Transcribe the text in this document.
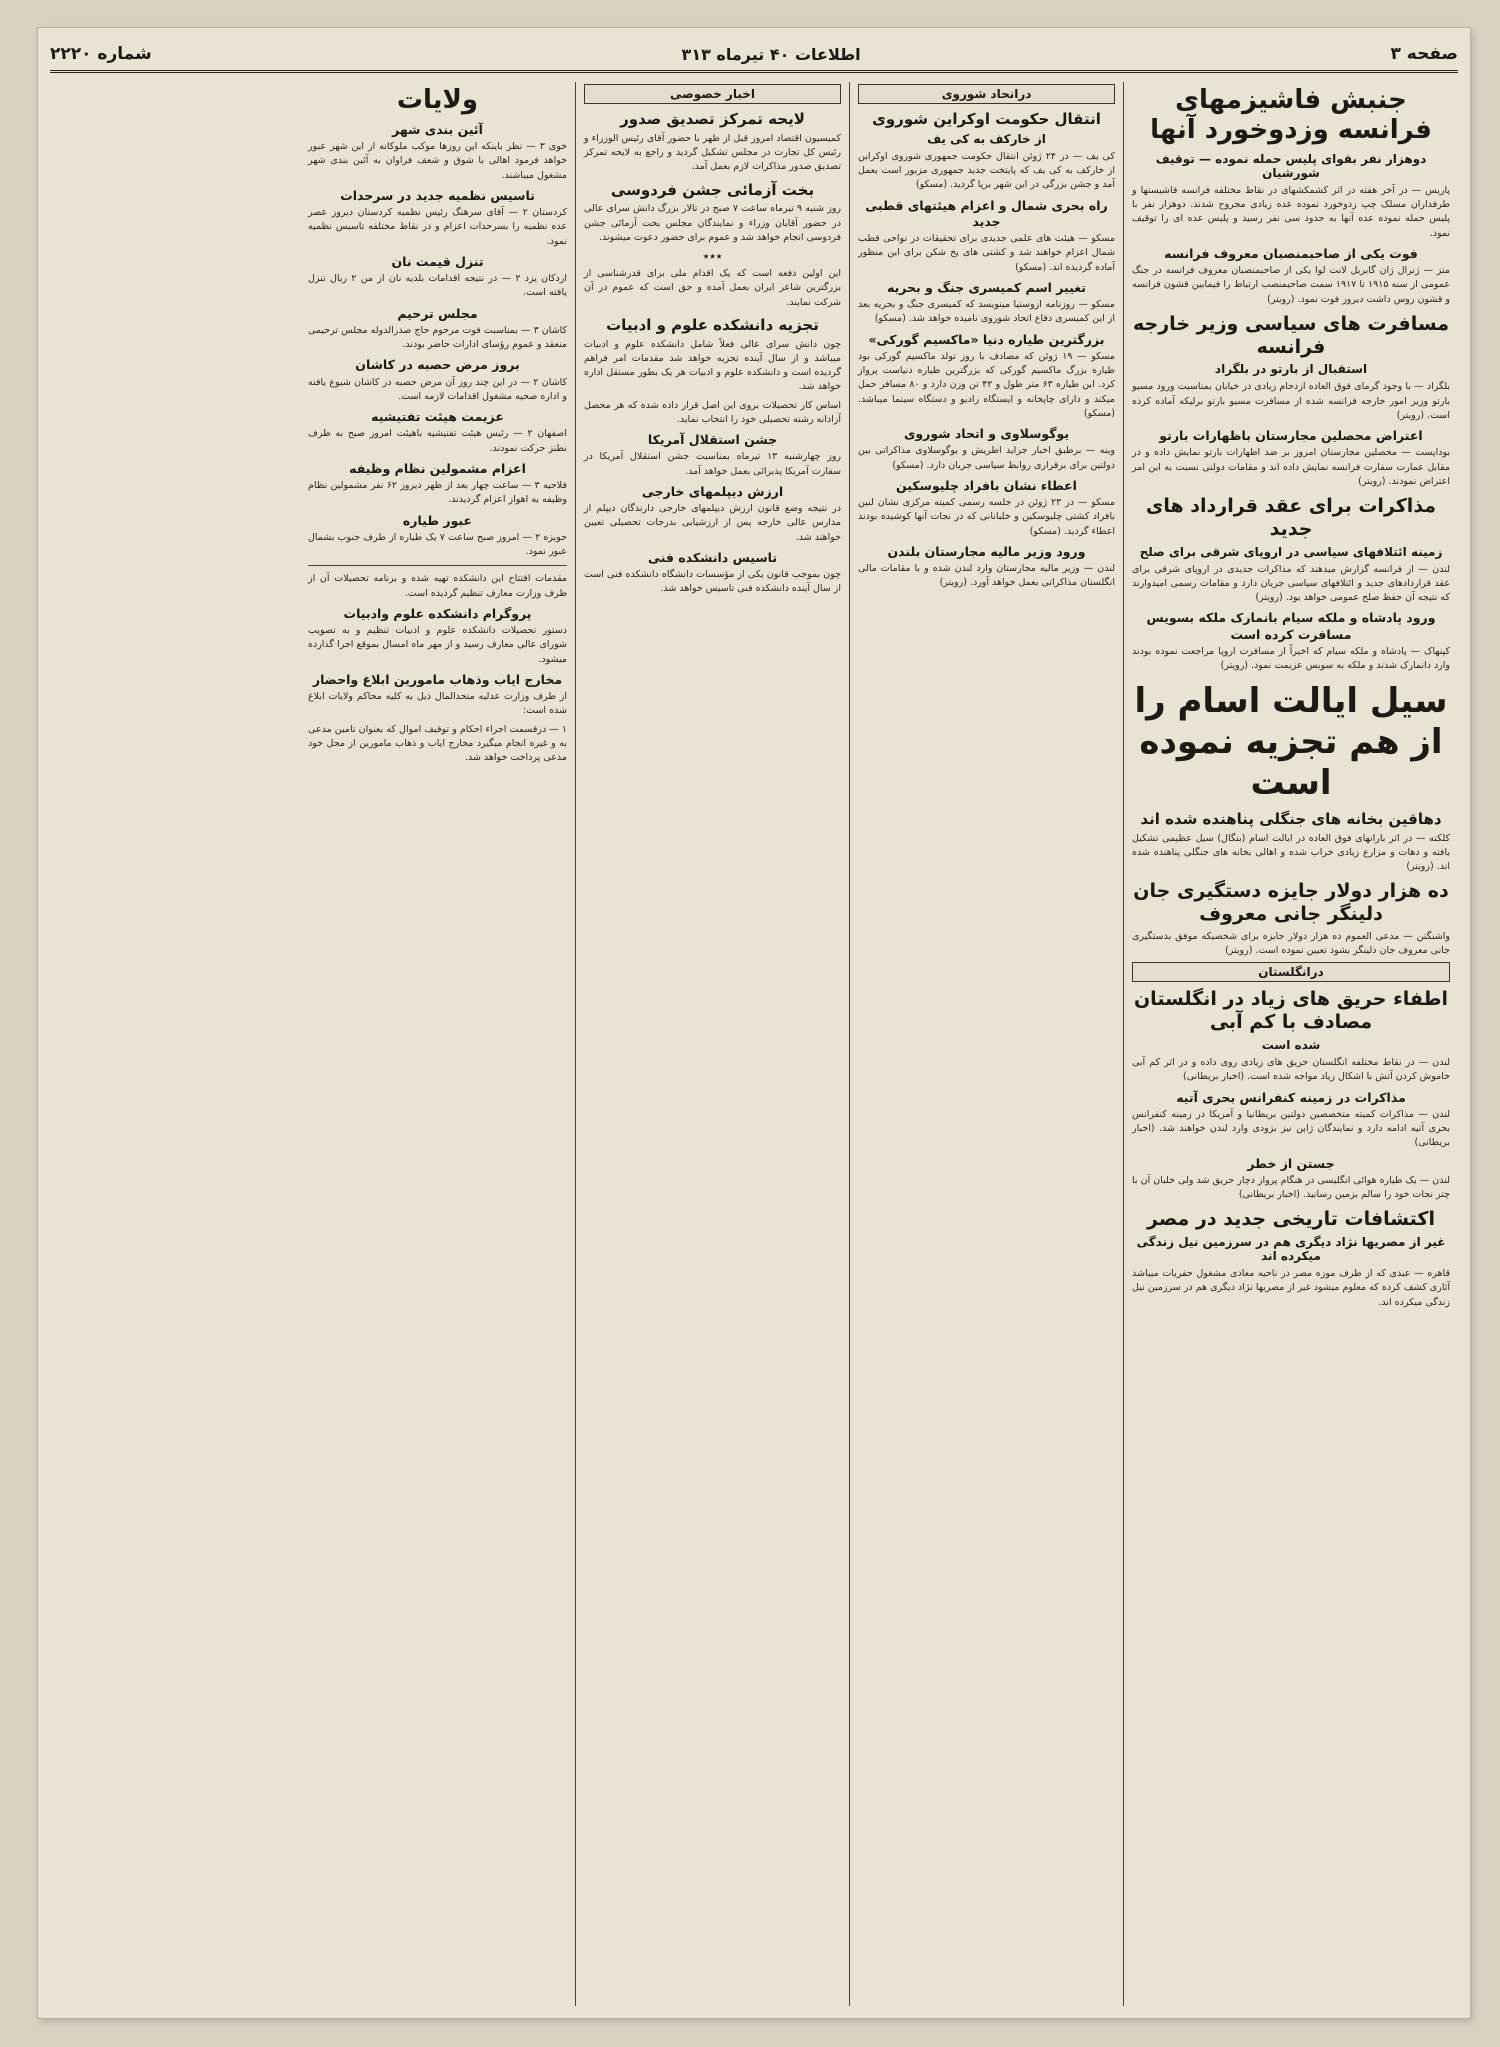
صفحه ۳
اطلاعات ۴۰ تیرماه ۳۱۳
شماره ۲۲۲۰
جنبش فاشیزمهای فرانسه وزدوخورد آنها
دوهزار نفر بقوای پلیس حمله نموده — توقیف شورشیان

پاریس — در آخر هفته در اثر کشمکشهای در نقاط مختلفه فرانسه فاشیستها و طرفداران مسلک چپ زدوخورد نموده عده زیادی مجروح شدند. دوهزار نفر با پلیس حمله نموده عده آنها به حدود سی نفر رسید و پلیس عده ای را توقیف نمود.

فوت یکی از صاحبمنصبان معروف فرانسه

متز — ژنرال ژان گابریل لانت لوا یکی از صاحبمنصبان معروف فرانسه در جنگ عمومی از سنه ۱۹۱۵ تا ۱۹۱۷ سمت صاحبمنصب ارتباط را فیمابین قشون فرانسه و قشون روس داشت دیروز فوت نمود. (رویتر)

مسافرت های سیاسی وزیر خارجه فرانسه
استقبال از بارتو در بلگراد

بلگراد — با وجود گرمای فوق العاده ازدحام زیادی در خیابان بمناسبت ورود مسیو بارتو وزیر امور خارجه فرانسه شده از مسافرت مسیو بارتو برلیکه آماده کرده است. (رویتر)

اعتراض محصلین مجارستان باظهارات بارتو

بوداپست — محصلین مجارستان امروز بر ضد اظهارات بارتو نمایش داده و در مقابل عمارت سفارت فرانسه نمایش داده اند و مقامات دولتی نسبت به این امر اعتراض نمودند. (رویتر)

مذاکرات برای عقد قرارداد های جدید
زمینه ائتلافهای سیاسی در اروپای شرقی برای صلح

لندن — از فرانسه گزارش میدهند که مذاکرات جدیدی در اروپای شرقی برای عقد قراردادهای جدید و ائتلافهای سیاسی جریان دارد و مقامات رسمی امیدوارند که نتیجه آن حفظ صلح عمومی خواهد بود. (رویتر)

ورود پادشاه و ملکه سیام بانمارک ملکه بسویس مسافرت کرده است

کپنهاک — پادشاه و ملکه سیام که اخیراً از مسافرت اروپا مراجعت نموده بودند وارد دانمارک شدند و ملکه به سویس عزیمت نمود. (رویتر)

سیل ایالت اسام را از هم تجزیه نموده است
دهاقین بخانه های جنگلی پناهنده شده اند

کلکته — در اثر بارانهای فوق العاده در ایالت اسام (بنگال) سیل عظیمی تشکیل یافته و دهات و مزارع زیادی خراب شده و اهالی بخانه های جنگلی پناهنده شده اند. (رویتر)

ده هزار دولار جایزه دستگیری جان دلینگر جانی معروف

واشنگتن — مدعی العموم ده هزار دولار جایزه برای شخصیکه موفق بدستگیری جانی معروف جان دلینگر بشود تعیین نموده است. (رویتر)

درانگلستان
اطفاء حریق های زیاد در انگلستان مصادف با کم آبی
شده است

لندن — در نقاط مختلفه انگلستان حریق های زیادی روی داده و در اثر کم آبی خاموش کردن آتش با اشکال زیاد مواجه شده است. (اخبار بریطانی)

مذاکرات در زمینه کنفرانس بحری آتیه

لندن — مذاکرات کمیته متخصصین دولتین بریطانیا و آمریکا در زمینه کنفرانس بحری آتیه ادامه دارد و نمایندگان ژاپن نیز بزودی وارد لندن خواهند شد. (اخبار بریطانی)

جستن از خطر

لندن — یک طیاره هوائی انگلیسی در هنگام پرواز دچار حریق شد ولی خلبان آن با چتر نجات خود را سالم بزمین رسانید. (اخبار بریطانی)

اکتشافات تاریخی جدید در مصر
غیر از مصریها نژاد دیگری هم در سرزمین نیل زندگی میکرده اند

قاهره — عبدی که از طرف موزه مصر در ناحیه معادی مشغول حفریات میباشد آثاری کشف کرده که معلوم میشود غیر از مصریها نژاد دیگری هم در سرزمین نیل زندگی میکرده اند.

درانحاد شوروی
انتقال حکومت اوکراین شوروی
از خارکف به کی یف

کی یف — در ۲۴ ژوئن انتقال حکومت جمهوری شوروی اوکراین از خارکف به کی یف که پایتخت جدید جمهوری مزبور است بعمل آمد و جشن بزرگی در این شهر برپا گردید. (مسکو)

راه بحری شمال و اعزام هیئتهای قطبی جدید

مسکو — هیئت های علمی جدیدی برای تحقیقات در نواحی قطب شمال اعزام خواهند شد و کشتی های یخ شکن برای این منظور آماده گردیده اند. (مسکو)

تغییر اسم کمیسری جنگ و بحریه

مسکو — روزنامه ازوستیا مینویسد که کمیسری جنگ و بحریه بعد از این کمیسری دفاع اتحاد شوروی نامیده خواهد شد. (مسکو)

بزرگترین طیاره دنیا «ماکسیم گورکی»

مسکو — ۱۹ ژوئن که مصادف با روز تولد ماکسیم گورکی بود طیاره بزرگ ماکسیم گورکی که بزرگترین طیاره دنیاست پرواز کرد. این طیاره ۶۳ متر طول و ۴۲ تن وزن دارد و ۸۰ مسافر حمل میکند و دارای چاپخانه و ایستگاه رادیو و دستگاه سینما میباشد. (مسکو)

یوگوسلاوی و اتحاد شوروی

وینه — برطبق اخبار جراید اطریش و یوگوسلاوی مذاکراتی بین دولتین برای برقراری روابط سیاسی جریان دارد. (مسکو)

اعطاء نشان بافراد چلیوسکین

مسکو — در ۲۳ ژوئن در جلسه رسمی کمیته مرکزی نشان لنین بافراد کشتی چلیوسکین و خلبانانی که در نجات آنها کوشیده بودند اعطاء گردید. (مسکو)

ورود وزیر مالیه مجارستان بلندن

لندن — وزیر مالیه مجارستان وارد لندن شده و با مقامات مالی انگلستان مذاکراتی بعمل خواهد آورد. (رویتر)

اخبار خصوصی
لایحه تمرکز تصدیق صدور

کمیسیون اقتصاد امروز قبل از ظهر با حضور آقای رئیس الوزراء و رئیس کل تجارت در مجلس تشکیل گردید و راجع به لایحه تمرکز تصدیق صدور مذاکرات لازم بعمل آمد.

بخت آزمائی جشن فردوسی

روز شنبه ۹ تیرماه ساعت ۷ صبح در تالار بزرگ دانش سرای عالی در حضور آقایان وزراء و نمایندگان مجلس بخت آزمائی جشن فردوسی انجام خواهد شد و عموم برای حضور دعوت میشوند.

٭٭٭

این اولین دفعه است که یک اقدام ملی برای قدرشناسی از بزرگترین شاعر ایران بعمل آمده و حق است که عموم در آن شرکت نمایند.

تجزیه دانشکده علوم و ادبیات

چون دانش سرای عالی فعلاً شامل دانشکده علوم و ادبیات میباشد و از سال آینده تجزیه خواهد شد مقدمات امر فراهم گردیده است و دانشکده علوم و ادبیات هر یک بطور مستقل اداره خواهد شد.

اساس کار تحصیلات بروی این اصل قرار داده شده که هر محصل آزادانه رشته تحصیلی خود را انتخاب نماید.

جشن استقلال آمریکا

روز چهارشنبه ۱۳ تیرماه بمناسبت جشن استقلال آمریکا در سفارت آمریکا پذیرائی بعمل خواهد آمد.

ارزش دیپلمهای خارجی

در نتیجه وضع قانون ارزش دیپلمهای خارجی دارندگان دیپلم از مدارس عالی خارجه پس از ارزشیابی بدرجات تحصیلی تعیین خواهند شد.

تاسیس دانشکده فنی

چون بموجب قانون یکی از مؤسسات دانشگاه دانشکده فنی است از سال آینده دانشکده فنی تاسیس خواهد شد.

ولایات
آئین بندی شهر

خوی ۳ — نظر باینکه این روزها موکب ملوکانه از این شهر عبور خواهد فرمود اهالی با شوق و شعف فراوان به آئین بندی شهر مشغول میباشند.

تاسیس نظمیه جدید در سرحدات

کردستان ۲ — آقای سرهنگ رئیس نظمیه کردستان دیروز عصر عده نظمیه را بسرحدات اعزام و در نقاط مختلفه تاسیس نظمیه نمود.

تنزل قیمت نان

اردکان یزد ۲ — در نتیجه اقدامات بلدیه نان از من ۲ ریال تنزل یافته است.

مجلس ترحیم

کاشان ۳ — بمناسبت فوت مرحوم حاج صدرالدوله مجلس ترحیمی منعقد و عموم رؤسای ادارات حاضر بودند.

بروز مرض حصبه در کاشان

کاشان ۲ — در این چند روز آن مرض حصبه در کاشان شیوع یافته و اداره صحیه مشغول اقدامات لازمه است.

عزیمت هیئت تفتیشیه

اصفهان ۲ — رئیس هیئت تفتیشیه باهیئت امروز صبح به طرف نطنز حرکت نمودند.

اعزام مشمولین نظام وظیفه

فلاحیه ۳ — ساعت چهار بعد از ظهر دیروز ۶۲ نفر مشمولین نظام وظیفه به اهواز اعزام گردیدند.

عبور طیاره

حویزه ۲ — امروز صبح ساعت ۷ یک طیاره از طرف جنوب بشمال عبور نمود.

مقدمات افتتاح این دانشکده تهیه شده و برنامه تحصیلات آن از طرف وزارت معارف تنظیم گردیده است.

پروگرام دانشکده علوم وادبیات

دستور تحصیلات دانشکده علوم و ادبیات تنظیم و به تصویب شورای عالی معارف رسید و از مهر ماه امسال بموقع اجرا گذارده میشود.

مخارج ایاب وذهاب مامورین ابلاغ واحضار

از طرف وزارت عدلیه متحدالمال ذیل به کلیه محاکم ولایات ابلاغ شده است:

۱ — درقسمت اجراء احکام و توقیف اموال که بعنوان تامین مدعی به و غیره انجام میگیرد مخارج ایاب و ذهاب مامورین از محل خود مدعی پرداخت خواهد شد.
